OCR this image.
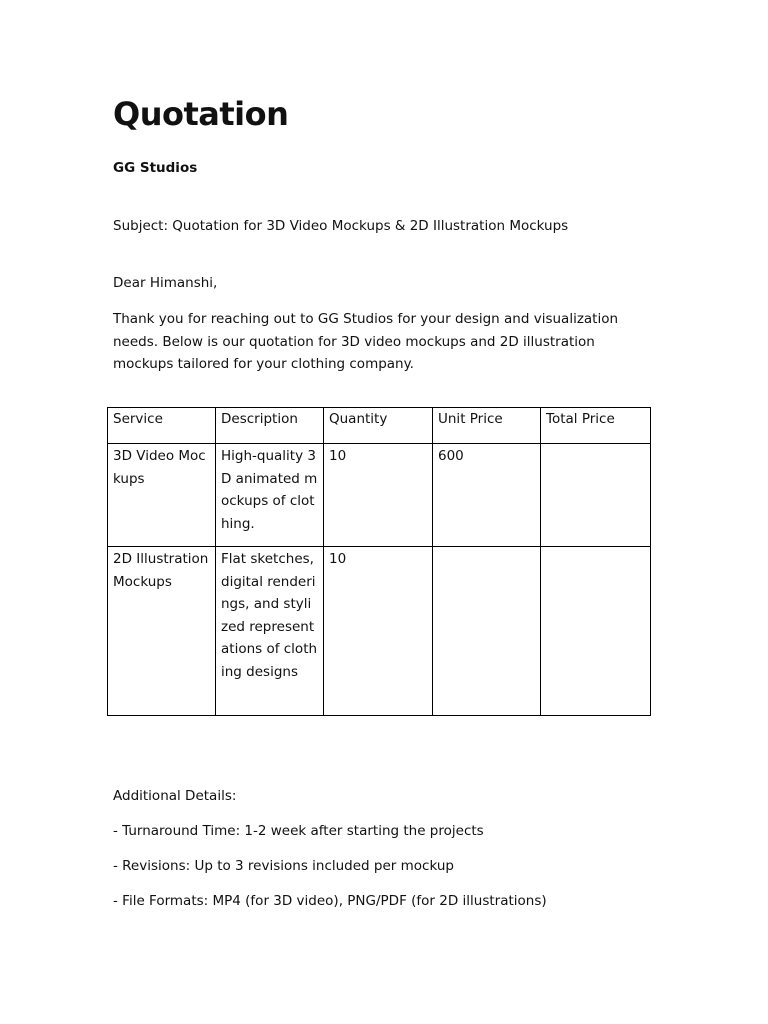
Quotation
GG Studios
Subject: Quotation for 3D Video Mockups & 2D Illustration Mockups
Dear Himanshi,
Thank you for reaching out to GG Studios for your design and visualization needs. Below is our quotation for 3D video mockups and 2D illustration mockups tailored for your clothing company.
Service	Description	Quantity	Unit Price	Total Price
3D Video Mockups	High-quality 3D animated mockups of clothing.	10	600	
2D Illustration Mockups	Flat sketches, digital renderings, and stylized representations of clothing designs	10		
Additional Details:
- Turnaround Time: 1-2 week after starting the projects
- Revisions: Up to 3 revisions included per mockup
- File Formats: MP4 (for 3D video), PNG/PDF (for 2D illustrations)
